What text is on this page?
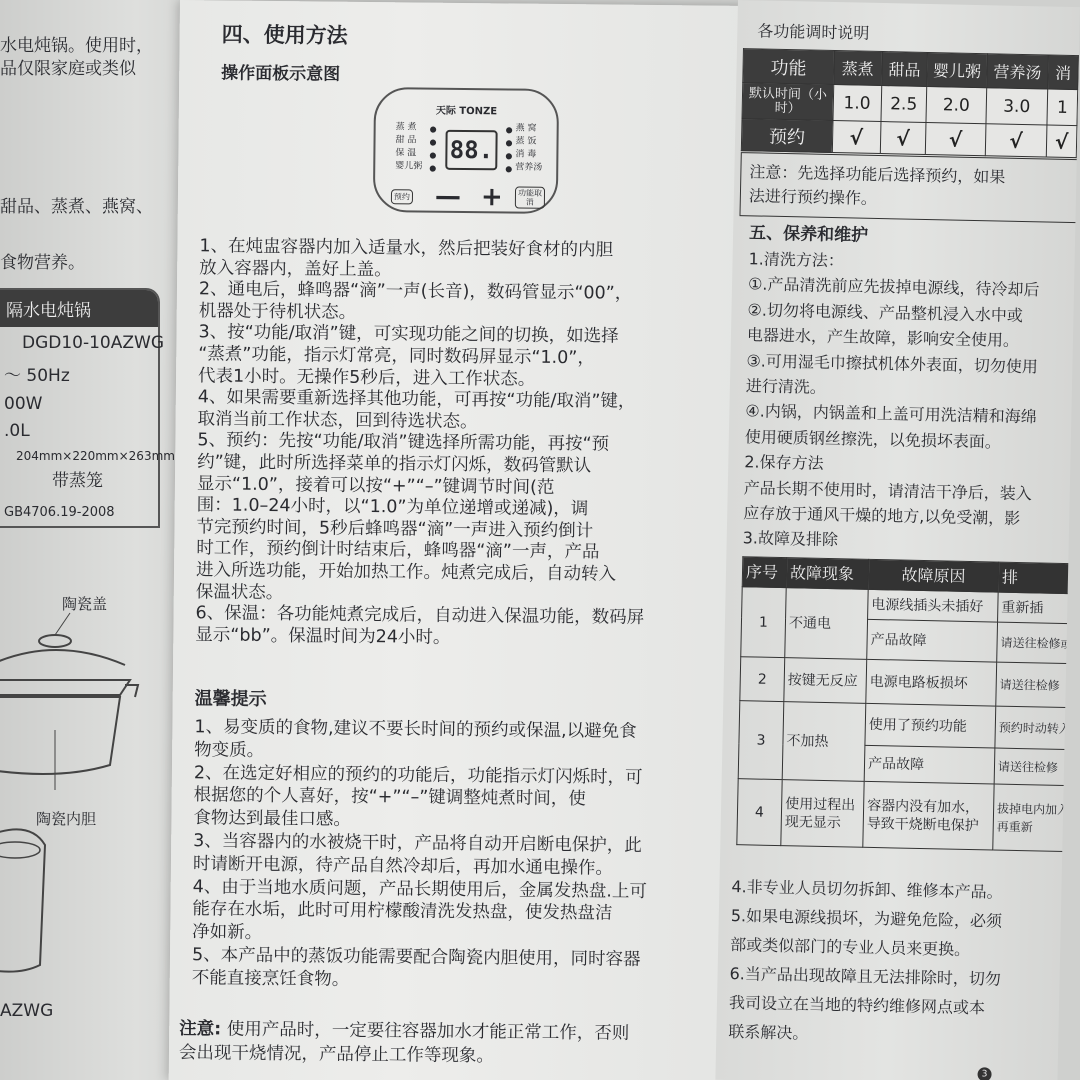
水电炖锅。使用时，
品仅限家庭或类似
甜品、蒸煮、燕窝、
食物营养。
隔水电炖锅
DGD10-10AZWG
～ 50Hz
00W
.0L
204mm×220mm×263mm
带蒸笼
GB4706.19-2008
陶瓷盖
陶瓷内胆
AZWG
四、使用方法
操作面板示意图
天际 TONZE
蒸 煮
甜 品
保 温
婴儿粥
●
●
●
●
88.
●
●
●
●
燕 窝
蒸 饭
消 毒
营养汤
预约 — +	功能取消
1、在炖盅容器内加入适量水，然后把装好食材的内胆
放入容器内，盖好上盖。
2、通电后，蜂鸣器“滴”一声(长音)，数码管显示“00”，
机器处于待机状态。
3、按“功能/取消”键，可实现功能之间的切换，如选择
“蒸煮”功能，指示灯常亮，同时数码屏显示“1.0”，
代表1小时。无操作5秒后，进入工作状态。
4、如果需要重新选择其他功能，可再按“功能/取消”键，
取消当前工作状态，回到待选状态。
5、预约：先按“功能/取消”键选择所需功能，再按“预
约”键，此时所选择菜单的指示灯闪烁，数码管默认
显示“1.0”，接着可以按“+”“–”键调节时间(范
围：1.0–24小时，以“1.0”为单位递增或递减)，调
节完预约时间，5秒后蜂鸣器“滴”一声进入预约倒计
时工作，预约倒计时结束后，蜂鸣器“滴”一声，产品
进入所选功能，开始加热工作。炖煮完成后，自动转入
保温状态。
6、保温：各功能炖煮完成后，自动进入保温功能，数码屏
显示“bb”。保温时间为24小时。
温馨提示
1、易变质的食物,建议不要长时间的预约或保温,以避免食
物变质。
2、在选定好相应的预约的功能后，功能指示灯闪烁时，可
根据您的个人喜好，按“+”“–”键调整炖煮时间，使
食物达到最佳口感。
3、当容器内的水被烧干时，产品将自动开启断电保护，此
时请断开电源，待产品自然冷却后，再加水通电操作。
4、由于当地水质问题，产品长期使用后，金属发热盘.上可
能存在水垢，此时可用柠檬酸清洗发热盘，使发热盘洁
净如新。
5、本产品中的蒸饭功能需要配合陶瓷内胆使用，同时容器
不能直接烹饪食物。
注意: 使用产品时，一定要往容器加水才能正常工作，否则
会出现干烧情况，产品停止工作等现象。
各功能调时说明
功能	蒸煮	甜品	婴儿粥	营养汤	消
默认时间（小时）	1.0	2.5	2.0	3.0	1
预约	√	√	√	√	√
注意：先选择功能后选择预约，如果
法进行预约操作。
五、保养和维护
1.清洗方法：
①.产品清洗前应先拔掉电源线，待冷却后
②.切勿将电源线、产品整机浸入水中或
电器进水，产生故障，影响安全使用。
③.可用湿毛巾擦拭机体外表面，切勿使用
进行清洗。
④.内锅，内锅盖和上盖可用洗洁精和海绵
使用硬质钢丝擦洗，以免损坏表面。
2.保存方法
产品长期不使用时，请清洁干净后，装入
应存放于通风干燥的地方,以免受潮，影
3.故障及排除
序号	故障现象	故障原因	排
1	不通电	电源线插头未插好	重新插
		产品故障	请送往检修或
2	按键无反应	电源电路板损坏	请送往检修
3	不加热	使用了预约功能	预约时动转入
		产品故障	请送往检修
4	使用过程出现无显示	容器内没有加水，导致干烧断电保护	拔掉电内加入再重新
4.非专业人员切勿拆卸、维修本产品。
5.如果电源线损坏，为避免危险，必须
部或类似部门的专业人员来更换。
6.当产品出现故障且无法排除时，切勿
我司设立在当地的特约维修网点或本
联系解决。
3
